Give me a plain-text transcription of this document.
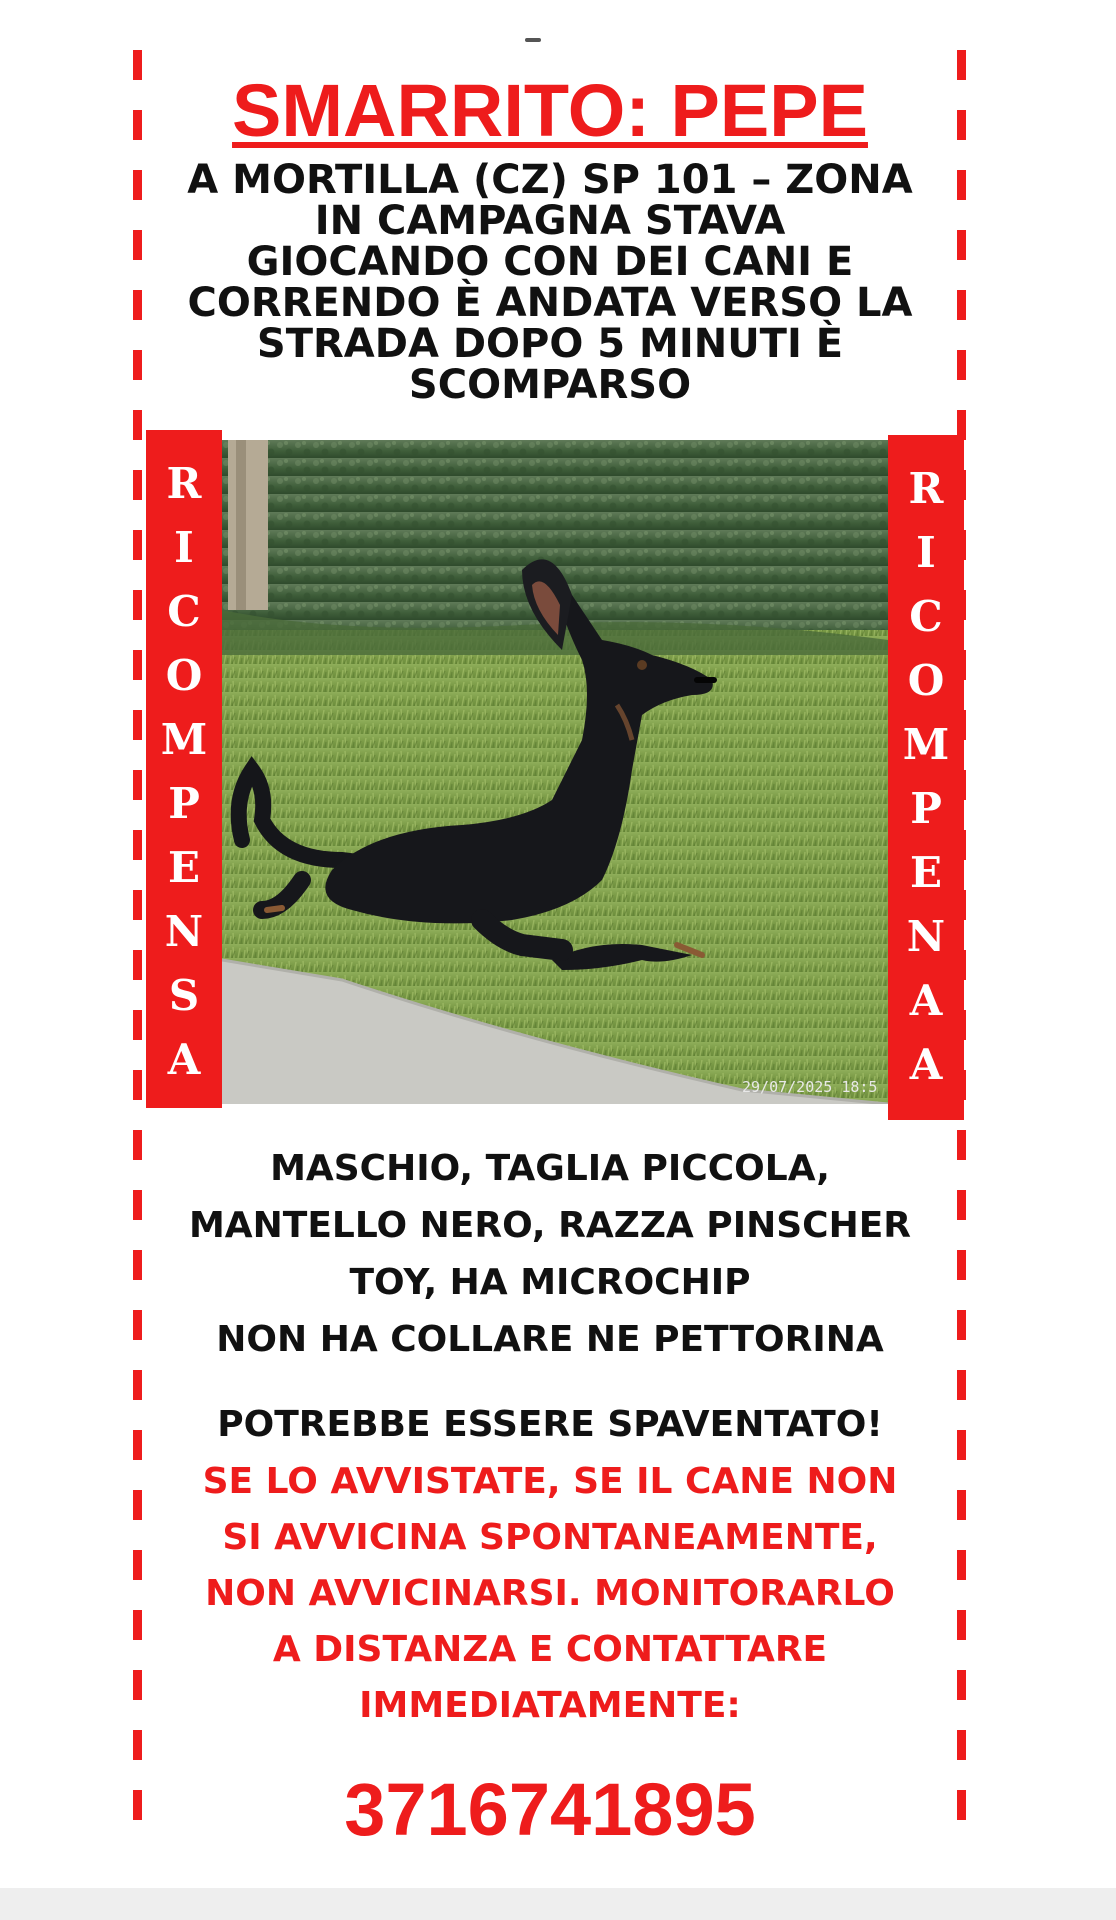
SMARRITO: PEPE
A MORTILLA (CZ) SP 101 – ZONA
IN CAMPAGNA STAVA
GIOCANDO CON DEI CANI E
CORRENDO È ANDATA VERSO LA
STRADA DOPO 5 MINUTI È
SCOMPARSO
R
I
C
O
M
P
E
N
S
A
29/07/2025 18:5
R
I
C
O
M
P
E
N
A
A
MASCHIO, TAGLIA PICCOLA,
MANTELLO NERO, RAZZA PINSCHER
TOY, HA MICROCHIP
NON HA COLLARE NE PETTORINA
POTREBBE ESSERE SPAVENTATO!
SE LO AVVISTATE, SE IL CANE NON
SI AVVICINA SPONTANEAMENTE,
NON AVVICINARSI. MONITORARLO
A DISTANZA E CONTATTARE
IMMEDIATAMENTE:
3716741895
